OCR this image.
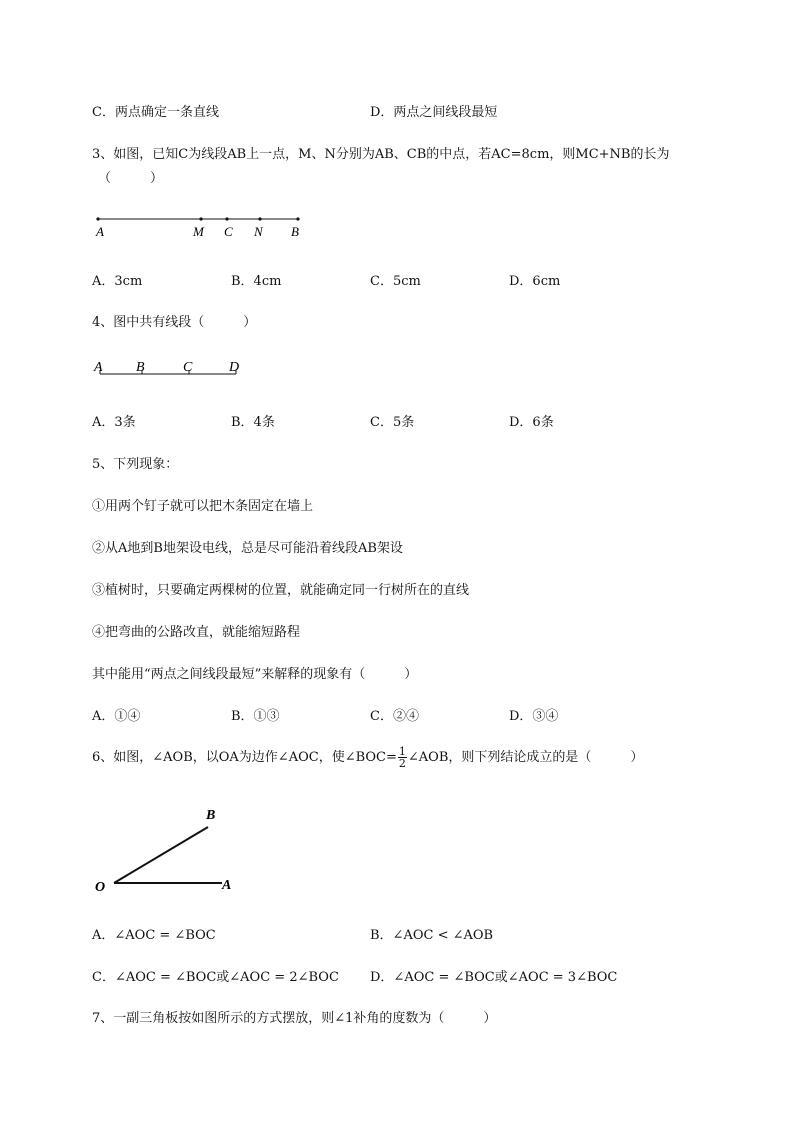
C．两点确定一条直线	D．两点之间线段最短
3、如图，已知C为线段AB上一点，M、N分别为AB、CB的中点，若AC=8cm，则MC+NB的长为
（　　　）
A	M C N B
A．3cm	B．4cm	C．5cm	D．6cm
4、图中共有线段（　　　）
A B	C	D
A．3条	B．4条	C．5条	D．6条
5、下列现象：
①用两个钉子就可以把木条固定在墙上
②从A地到B地架设电线，总是尽可能沿着线段AB架设
③植树时，只要确定两棵树的位置，就能确定同一行树所在的直线
④把弯曲的公路改直，就能缩短路程
其中能用“两点之间线段最短”来解释的现象有（　　　）
A．①④	B．①③	C．②④	D．③④
6、如图，∠AOB，以OA为边作∠AOC，使∠BOC= $\frac{1}{2}$ ∠AOB，则下列结论成立的是（　　　）
B
O	A
A．∠AOC = ∠BOC	B．∠AOC < ∠AOB
C．∠AOC = ∠BOC或∠AOC = 2∠BOC D．∠AOC = ∠BOC或∠AOC = 3∠BOC
7、一副三角板按如图所示的方式摆放，则∠1补角的度数为（　　　）
